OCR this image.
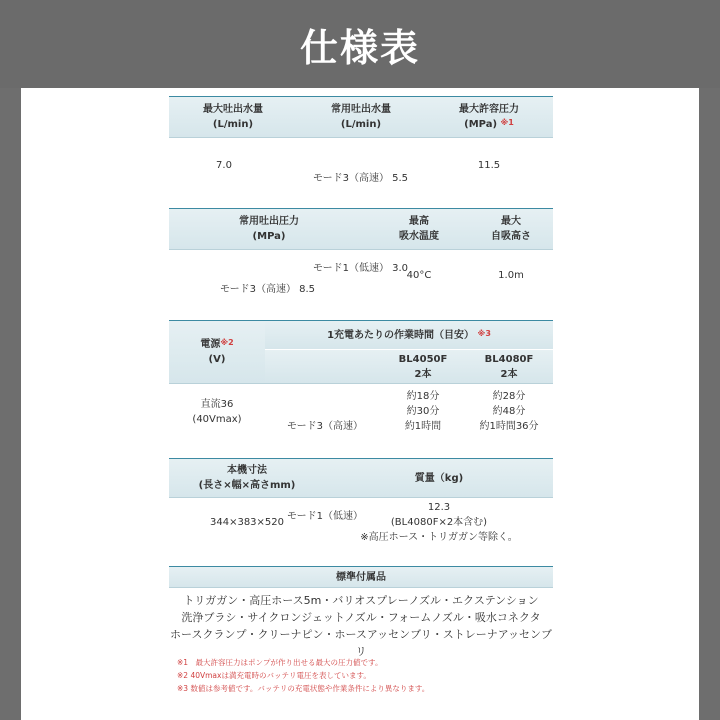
仕様表
最大吐出水量
(L/min)
常用吐出水量
(L/min)
最大許容圧力
(MPa) $^{※1}$
7.0

モード3（高速） 5.5

モード1（低速） 3.0

11.5
常用吐出圧力
(MPa)
最高
吸水温度
最大
自吸高さ

モード3（高速） 8.5

40°C	1.0m
電源$^{※2}$
(V)
1充電あたりの作業時間（目安） $^{※3}$
BL4050F
2本
BL4080F
2本
直流36
(40Vmax)

モード3（高速）

モード1（低速）

約18分
約30分
約1時間
約28分
約48分
約1時間36分
本機寸法
(長さ×幅×高さmm)
質量（kg)
344×383×520
12.3
(BL4080F×2本含む)
※高圧ホース・トリガガン等除く。
標準付属品
トリガガン・高圧ホース5m・バリオスプレーノズル・エクステンション
洗浄ブラシ・サイクロンジェットノズル・フォームノズル・吸水コネクタ
ホースクランプ・クリーナピン・ホースアッセンブリ・ストレーナアッセンブリ
※1　最大許容圧力はポンプが作り出せる最大の圧力値です。
※2 40Vmaxは満充電時のバッテリ電圧を表しています。
※3 数値は参考値です。バッテリの充電状態や作業条件により異なります。
